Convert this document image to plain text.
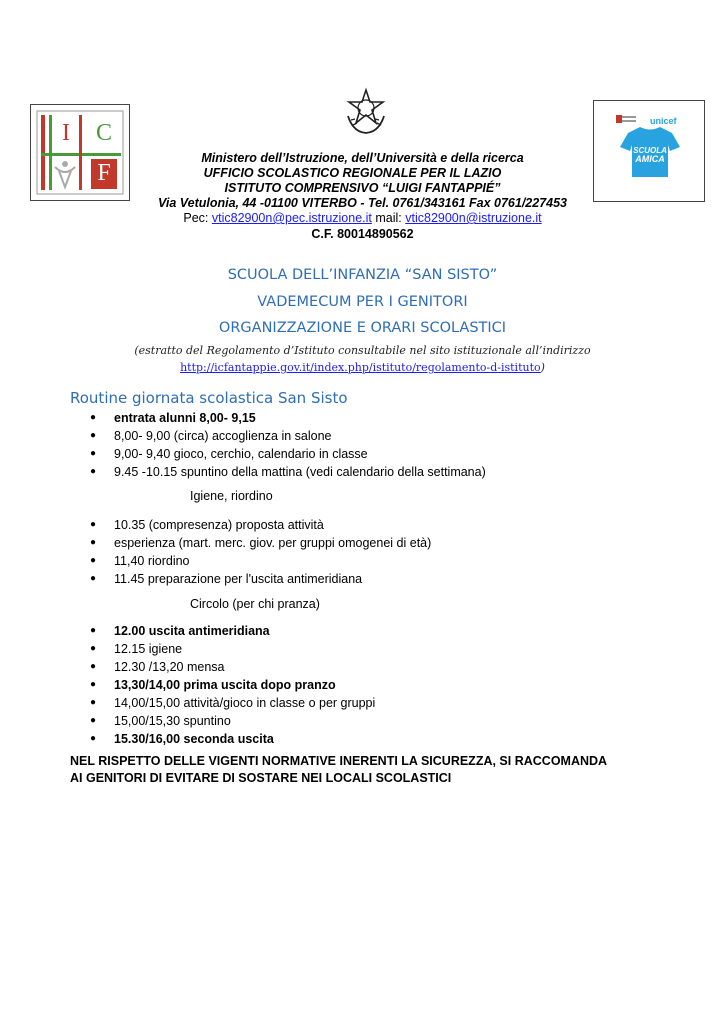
I	C
F
SCUOLA
AMICA
unicef
Ministero dell’Istruzione, dell’Università e della ricerca
UFFICIO SCOLASTICO REGIONALE PER IL LAZIO
ISTITUTO COMPRENSIVO “LUIGI FANTAPPIÉ”
Via Vetulonia, 44 -01100 VITERBO - Tel. 0761/343161 Fax 0761/227453
Pec: vtic82900n@pec.istruzione.it mail: vtic82900n@istruzione.it
C.F. 80014890562
SCUOLA DELL’INFANZIA “SAN SISTO”
VADEMECUM PER I GENITORI
ORGANIZZAZIONE E ORARI SCOLASTICI
(estratto del Regolamento d’Istituto consultabile nel sito istituzionale all’indirizzo
http://icfantappie.gov.it/index.php/istituto/regolamento-d-istituto)
Routine giornata scolastica San Sisto
● entrata alunni 8,00- 9,15
● 8,00- 9,00 (circa) accoglienza in salone
● 9,00- 9,40 gioco, cerchio, calendario in classe
● 9.45 -10.15 spuntino della mattina (vedi calendario della settimana)
Igiene, riordino
● 10.35 (compresenza) proposta attività
● esperienza (mart. merc. giov. per gruppi omogenei di età)
● 11,40 riordino
● 11.45 preparazione per l'uscita antimeridiana
Circolo (per chi pranza)
● 12.00 uscita antimeridiana
● 12.15 igiene
● 12.30 /13,20 mensa
● 13,30/14,00 prima uscita dopo pranzo
● 14,00/15,00 attività/gioco in classe o per gruppi
● 15,00/15,30 spuntino
● 15.30/16,00 seconda uscita
NEL RISPETTO DELLE VIGENTI NORMATIVE INERENTI LA SICUREZZA, SI RACCOMANDA
AI GENITORI DI EVITARE DI SOSTARE NEI LOCALI SCOLASTICI
